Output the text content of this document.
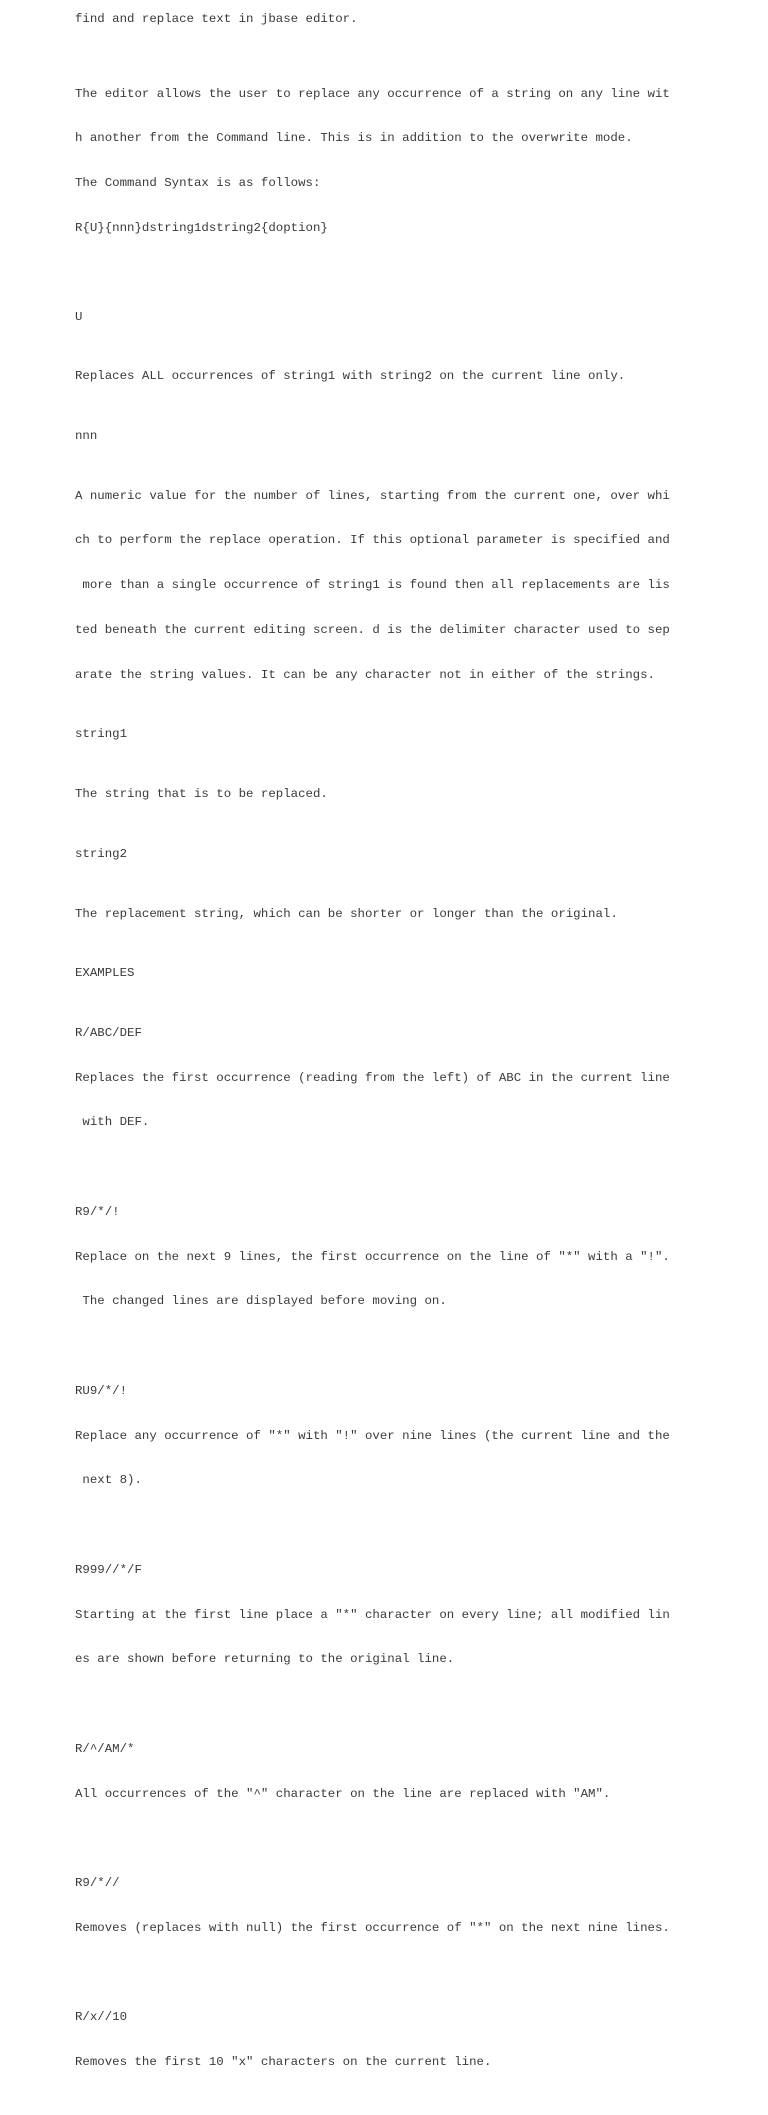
find and replace text in jbase editor.

The editor allows the user to replace any occurrence of a string on any line wit

h another from the Command line. This is in addition to the overwrite mode.

The Command Syntax is as follows:

R{U}{nnn}dstring1dstring2{doption}

U

Replaces ALL occurrences of string1 with string2 on the current line only.

nnn

A numeric value for the number of lines, starting from the current one, over whi

ch to perform the replace operation. If this optional parameter is specified and

more than a single occurrence of string1 is found then all replacements are lis

ted beneath the current editing screen. d is the delimiter character used to sep

arate the string values. It can be any character not in either of the strings.

string1

The string that is to be replaced.

string2

The replacement string, which can be shorter or longer than the original.

EXAMPLES

R/ABC/DEF

Replaces the first occurrence (reading from the left) of ABC in the current line

with DEF.

R9/*/!

Replace on the next 9 lines, the first occurrence on the line of "*" with a "!".

The changed lines are displayed before moving on.

RU9/*/!

Replace any occurrence of "*" with "!" over nine lines (the current line and the

next 8).

R999//*/F

Starting at the first line place a "*" character on every line; all modified lin

es are shown before returning to the original line.

R/^/AM/*

All occurrences of the "^" character on the line are replaced with "AM".

R9/*//

Removes (replaces with null) the first occurrence of "*" on the next nine lines.

R/x//10

Removes the first 10 "x" characters on the current line.
